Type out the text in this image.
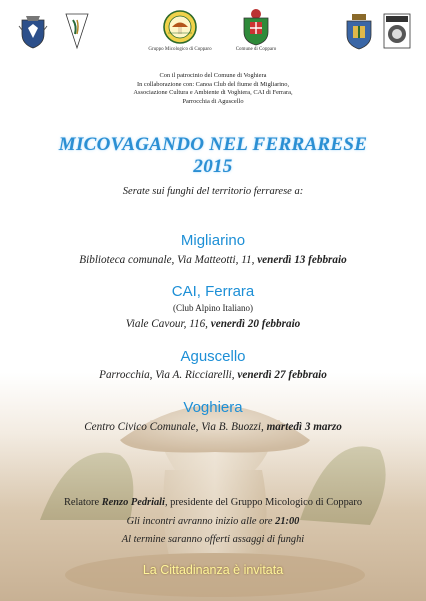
Gruppo Micologico di Copparo	Comune di Copparo
Con il patrocinio del Comune di Voghiera
In collaborazione con: Canoa Club del fiume di Migliarino,
Associazione Cultura e Ambiente di Voghiera, CAI di Ferrara,
Parrocchia di Aguscello
MICOVAGANDO NEL FERRARESE
2015
Serate sui funghi del territorio ferrarese a:
Migliarino
Biblioteca comunale, Via Matteotti, 11, venerdì 13 febbraio
CAI, Ferrara
(Club Alpino Italiano)
Viale Cavour, 116, venerdì 20 febbraio
Aguscello
Parrocchia, Via A. Ricciarelli, venerdì 27 febbraio
Voghiera
Centro Civico Comunale, Via B. Buozzi, martedì 3 marzo
Relatore Renzo Pedriali, presidente del Gruppo Micologico di Copparo
Gli incontri avranno inizio alle ore 21:00
Al termine saranno offerti assaggi di funghi
La Cittadinanza è invitata
